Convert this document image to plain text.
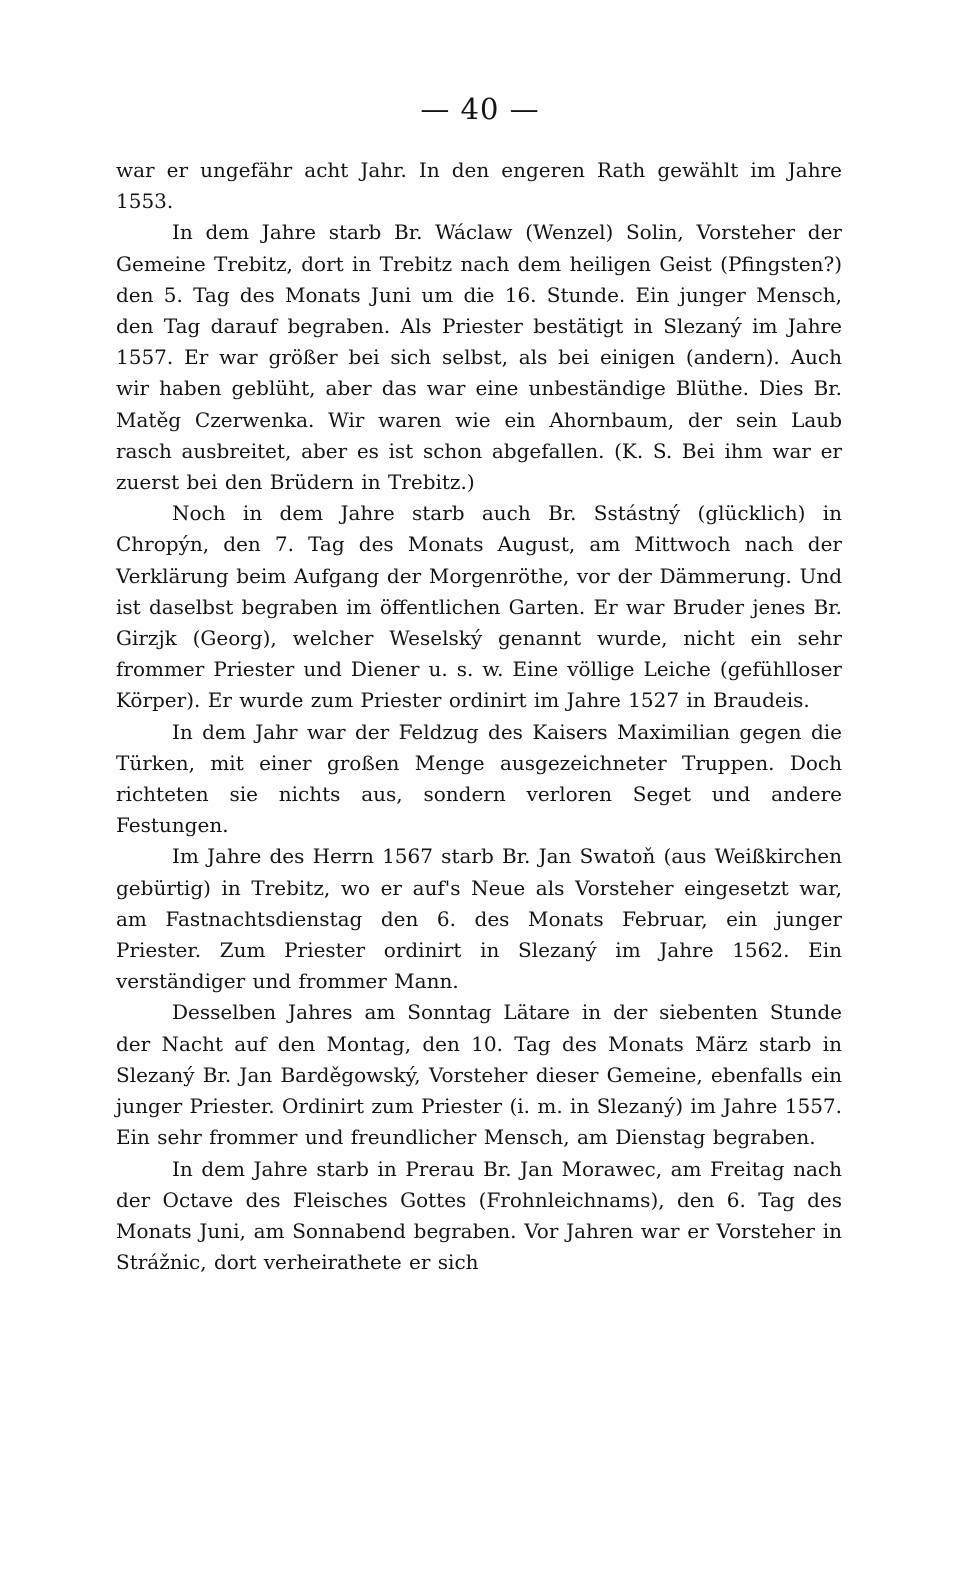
— 40 —

war er ungefähr acht Jahr. In den engeren Rath gewählt im Jahre 1553.

In dem Jahre starb Br. Wáclaw (Wenzel) Solin, Vorsteher der Gemeine Trebitz, dort in Trebitz nach dem heiligen Geist (Pfingsten?) den 5. Tag des Monats Juni um die 16. Stunde. Ein junger Mensch, den Tag darauf begraben. Als Priester bestätigt in Slezaný im Jahre 1557. Er war größer bei sich selbst, als bei einigen (andern). Auch wir haben geblüht, aber das war eine unbeständige Blüthe. Dies Br. Matěg Czerwenka. Wir waren wie ein Ahornbaum, der sein Laub rasch ausbreitet, aber es ist schon abgefallen. (K. S. Bei ihm war er zuerst bei den Brüdern in Trebitz.)

Noch in dem Jahre starb auch Br. Sstástný (glücklich) in Chropýn, den 7. Tag des Monats August, am Mittwoch nach der Verklärung beim Aufgang der Morgenröthe, vor der Dämmerung. Und ist daselbst begraben im öffentlichen Garten. Er war Bruder jenes Br. Girzjk (Georg), welcher Weselský genannt wurde, nicht ein sehr frommer Priester und Diener u. s. w. Eine völlige Leiche (gefühlloser Körper). Er wurde zum Priester ordinirt im Jahre 1527 in Braudeis.

In dem Jahr war der Feldzug des Kaisers Maximilian gegen die Türken, mit einer großen Menge ausgezeichneter Truppen. Doch richteten sie nichts aus, sondern verloren Seget und andere Festungen.

Im Jahre des Herrn 1567 starb Br. Jan Swatoň (aus Weißkirchen gebürtig) in Trebitz, wo er auf's Neue als Vorsteher eingesetzt war, am Fastnachtsdienstag den 6. des Monats Februar, ein junger Priester. Zum Priester ordinirt in Slezaný im Jahre 1562. Ein verständiger und frommer Mann.

Desselben Jahres am Sonntag Lätare in der siebenten Stunde der Nacht auf den Montag, den 10. Tag des Monats März starb in Slezaný Br. Jan Barděgowský, Vorsteher dieser Gemeine, ebenfalls ein junger Priester. Ordinirt zum Priester (i. m. in Slezaný) im Jahre 1557. Ein sehr frommer und freundlicher Mensch, am Dienstag begraben.

In dem Jahre starb in Prerau Br. Jan Morawec, am Freitag nach der Octave des Fleisches Gottes (Frohnleichnams), den 6. Tag des Monats Juni, am Sonnabend begraben. Vor Jahren war er Vorsteher in Strážnic, dort verheirathete er sich
